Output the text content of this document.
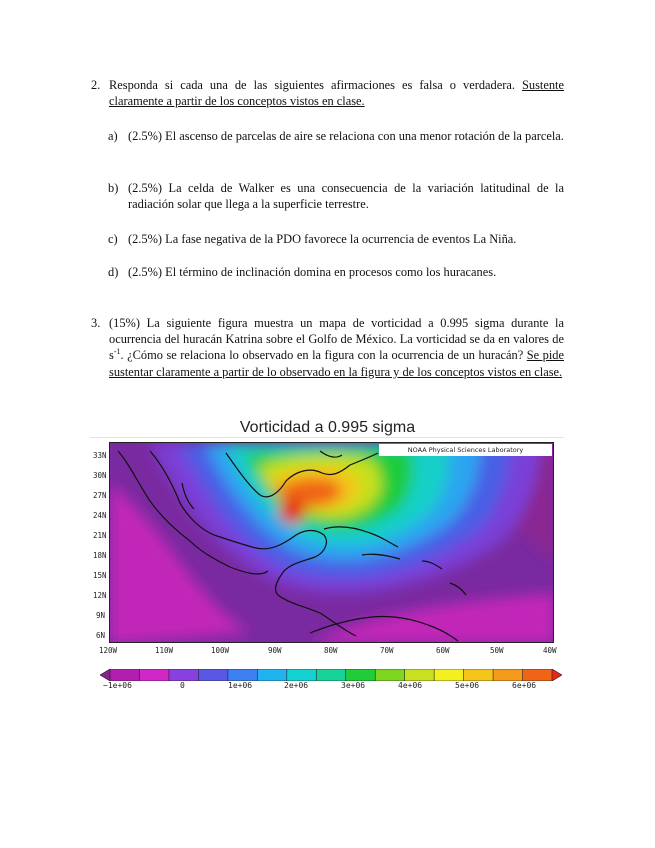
2. Responda si cada una de las siguientes afirmaciones es falsa o verdadera. Sustente claramente a partir de los conceptos vistos en clase.
a) (2.5%) El ascenso de parcelas de aire se relaciona con una menor rotación de la parcela.
b) (2.5%) La celda de Walker es una consecuencia de la variación latitudinal de la radiación solar que llega a la superficie terrestre.
c) (2.5%) La fase negativa de la PDO favorece la ocurrencia de eventos La Niña.
d) (2.5%) El término de inclinación domina en procesos como los huracanes.
3. (15%) La siguiente figura muestra un mapa de vorticidad a 0.995 sigma durante la ocurrencia del huracán Katrina sobre el Golfo de México. La vorticidad se da en valores de $s^{-1}$. ¿Cómo se relaciona lo observado en la figura con la ocurrencia de un huracán? Se pide sustentar claramente a partir de lo observado en la figura y de los conceptos vistos en clase.
Vorticidad a 0.995 sigma
NOAA Physical Sciences Laboratory
33N
30N
27N
24N
21N
18N
15N
12N
9N
6N
120W	110W	100W	90W	80W	70W	60W	50W	40W
−1e+06	0	1e+06	2e+06	3e+06	4e+06	5e+06	6e+06
